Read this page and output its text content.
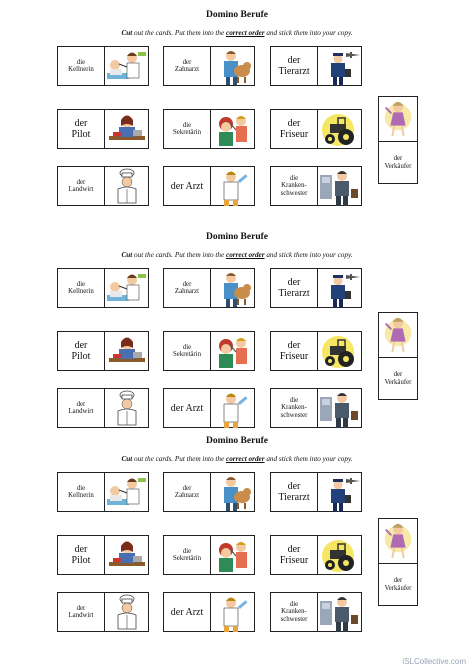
Domino Berufe
Cut out the cards. Put them into the correct order and stick them into your copy.
die
Kellnerin
der
Zahnarzt
der
Tierarzt
der
Pilot
die
Sekretärin
der
Friseur
der
Landwirt	der Arzt
die
Kranken-
schwester
der
Verkäufer
Domino Berufe
Cut out the cards. Put them into the correct order and stick them into your copy.
die
Kellnerin
der
Zahnarzt
der
Tierarzt
der
Pilot
die
Sekretärin
der
Friseur
der
Landwirt	der Arzt
die
Kranken-
schwester
der
Verkäufer
Domino Berufe
Cut out the cards. Put them into the correct order and stick them into your copy.
die
Kellnerin
der
Zahnarzt
der
Tierarzt
der
Pilot
die
Sekretärin
der
Friseur
der
Landwirt	der Arzt
die
Kranken-
schwester
der
Verkäufer
iSLCollective.com
